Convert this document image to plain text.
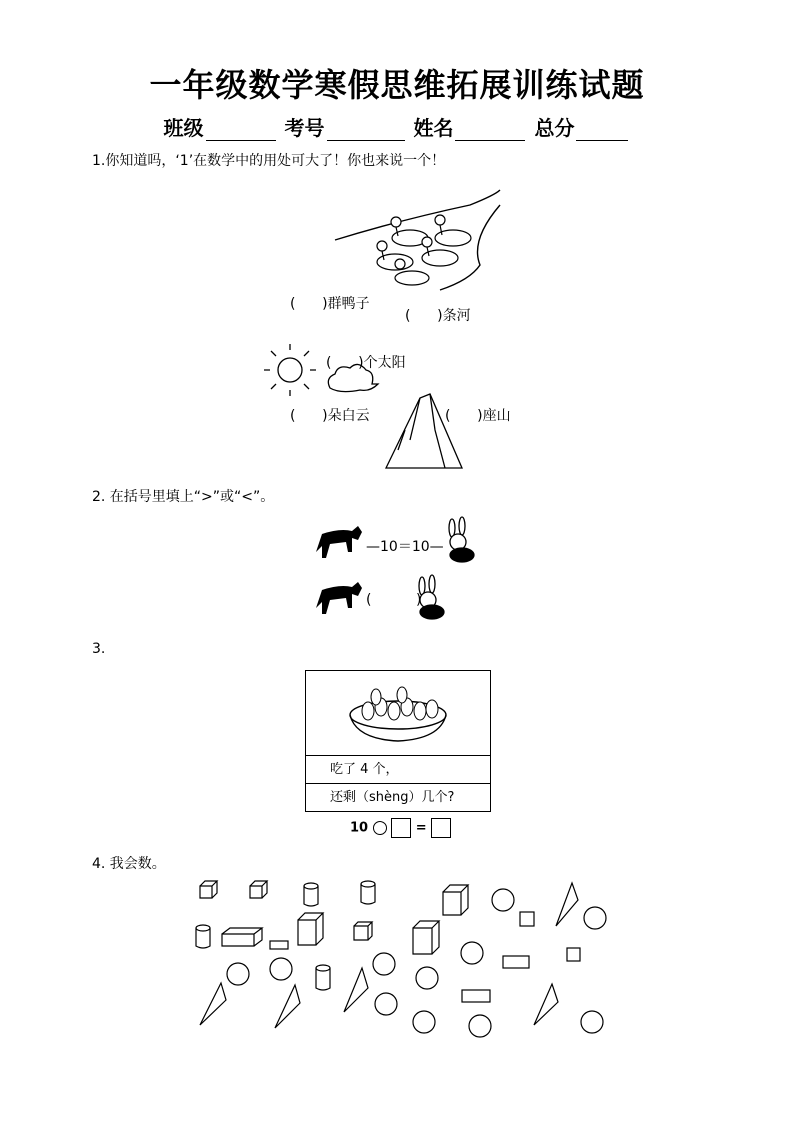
一年级数学寒假思维拓展训练试题
班级	考号	姓名	总分
1.你知道吗，‘1’在数学中的用处可大了！你也来说一个！
(      )群鸭子
(      )条河
(      )个太阳
(      )朵白云	(      )座山
2. 在括号里填上“>”或“<”。
—10＝10—
(          )
3.
吃了 4 个，
还剩（shèng）几个?
10	=
4. 我会数。
